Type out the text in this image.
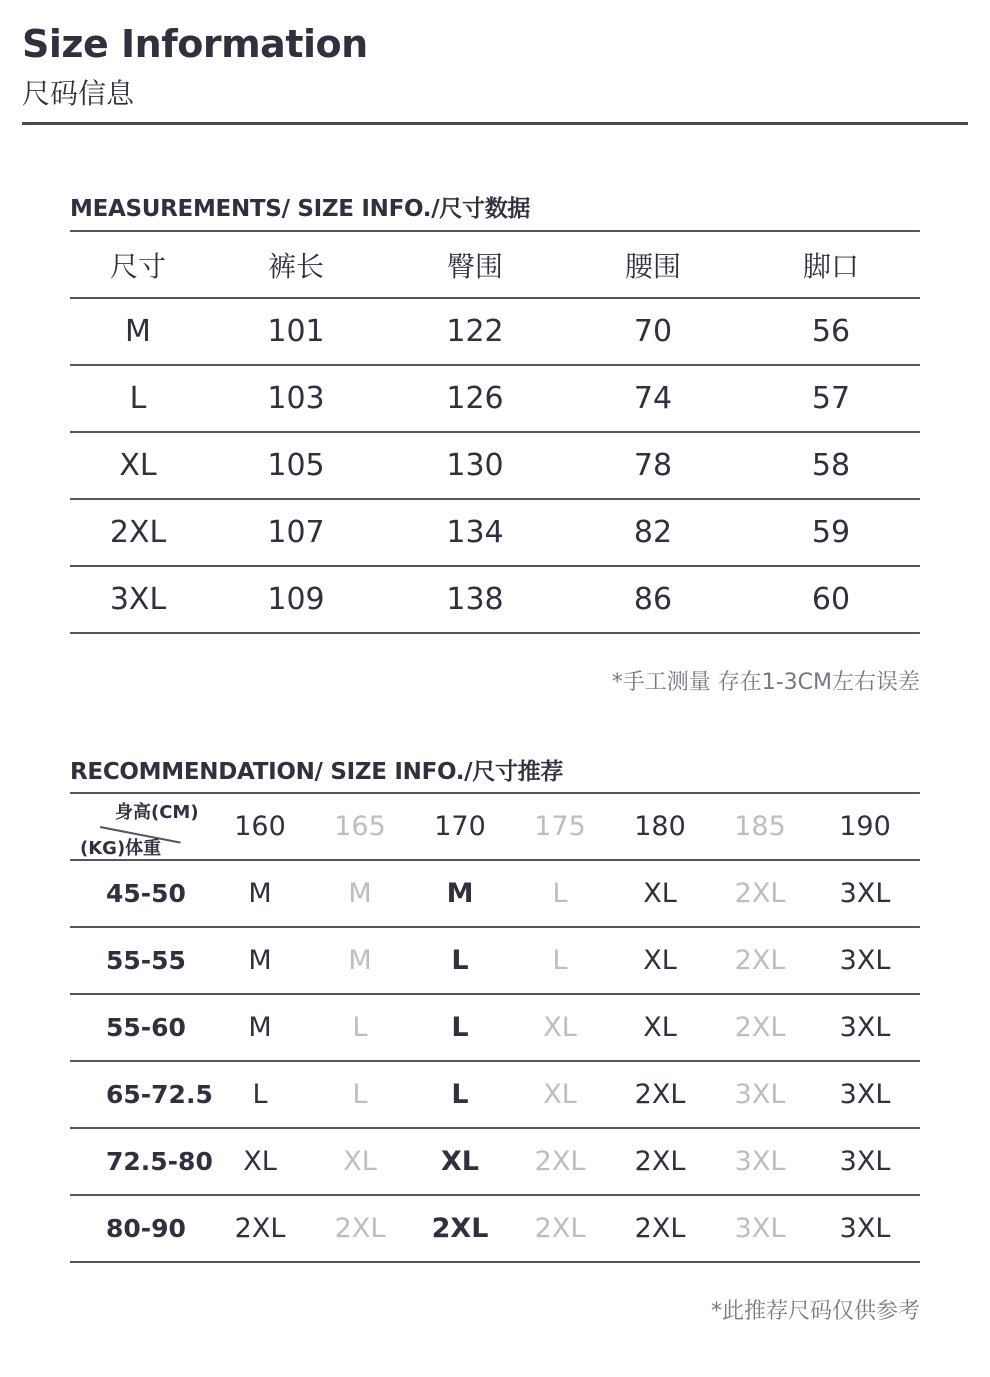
Size Information
尺码信息
MEASUREMENTS/ SIZE INFO./尺寸数据
尺寸	裤长	臀围	腰围	脚口
M	101	122	70	56
L	103	126	74	57
XL	105	130	78	58
2XL	107	134	82	59
3XL	109	138	86	60
*手工测量 存在1-3CM左右误差
RECOMMENDATION/ SIZE INFO./尺寸推荐
身高(CM)
(KG)体重	160	165	170	175	180	185	190
45-50	M	M	M	L	XL	2XL	3XL
55-55	M	M	L	L	XL	2XL	3XL
55-60	M	L	L	XL	XL	2XL	3XL
65-72.5	L	L	L	XL	2XL	3XL	3XL
72.5-80	XL	XL	XL	2XL	2XL	3XL	3XL
80-90	2XL	2XL	2XL	2XL	2XL	3XL	3XL
*此推荐尺码仅供参考
